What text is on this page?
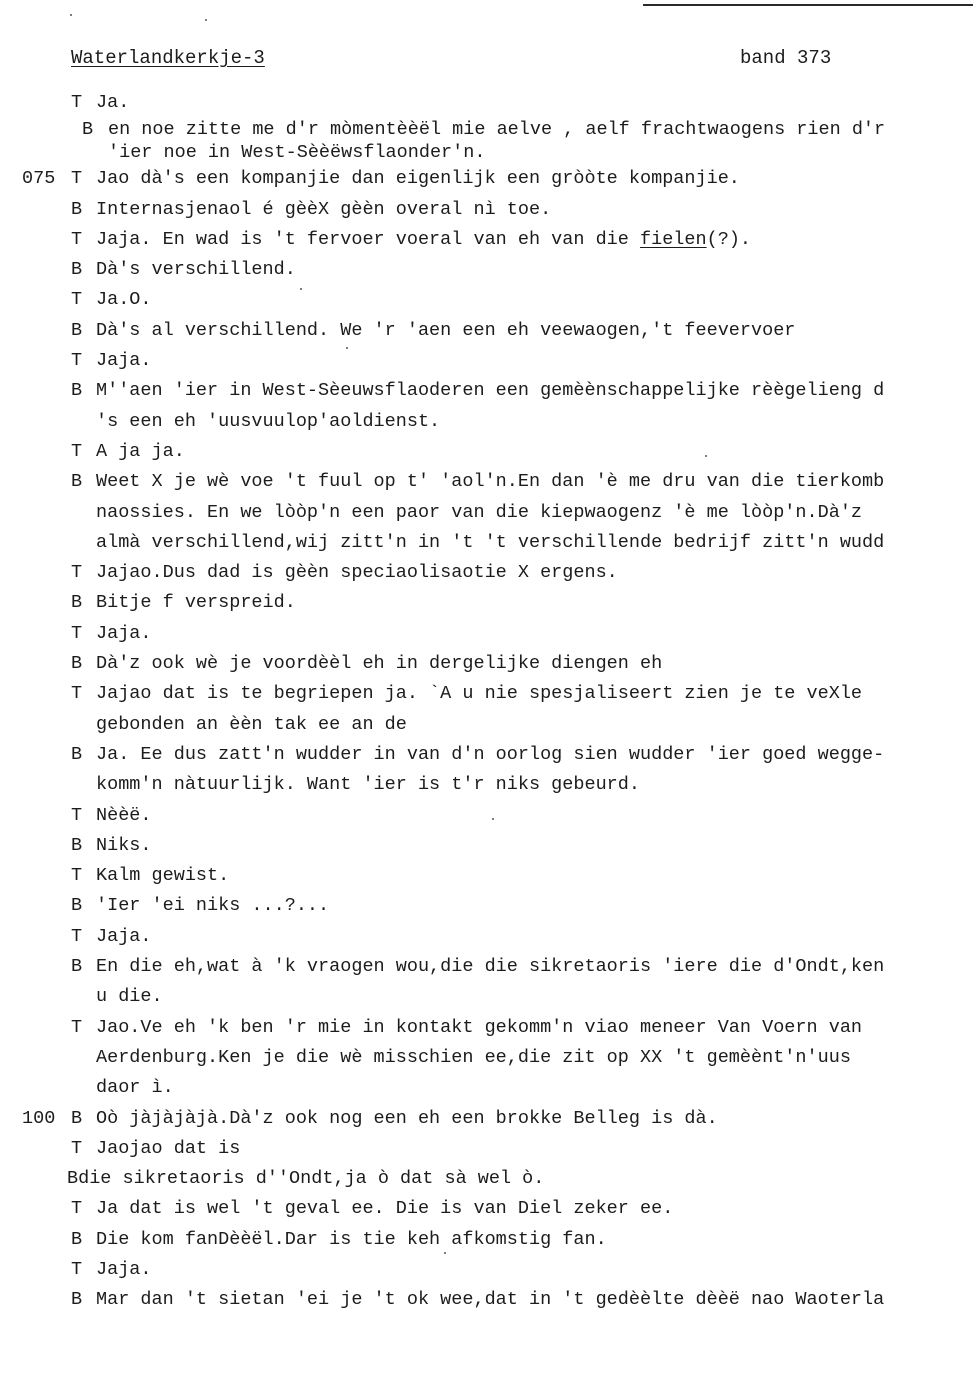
Waterlandkerkje-3	band 373
T Ja.
B en noe zitte me d'r mòmentèèël mie aelve , aelf frachtwaogens rien d'r
'ier noe in West-Sèèëwsflaonder'n.
075 T Jao dà's een kompanjie dan eigenlijk een gròòte kompanjie.
B Internasjenaol é gèèX gèèn overal nì toe.
T Jaja. En wad is 't fervoer voeral van eh van die fielen(?).
B Dà's verschillend.
T Ja.O.
B Dà's al verschillend. We 'r 'aen een eh veewaogen,'t feevervoer
T Jaja.
B M''aen 'ier in West-Sèeuwsflaoderen een gemèènschappelijke rèègelieng d
's een eh 'uusvuulop'aoldienst.
T A ja ja.
B Weet X je wè voe 't fuul op t' 'aol'n.En dan 'è me dru van die tierkomb
naossies. En we lòòp'n een paor van die kiepwaogenz 'è me lòòp'n.Dà'z
almà verschillend,wij zitt'n in 't 't verschillende bedrijf zitt'n wudd
T Jajao.Dus dad is gèèn speciaolisaotie X ergens.
B Bitje f verspreid.
T Jaja.
B Dà'z ook wè je voordèèl eh in dergelijke diengen eh
T Jajao dat is te begriepen ja. `A u nie spesjaliseert zien je te veXle
gebonden an èèn tak ee an de
B Ja. Ee dus zatt'n wudder in van d'n oorlog sien wudder 'ier goed wegge-
komm'n nàtuurlijk. Want 'ier is t'r niks gebeurd.
T Nèèë.
B Niks.
T Kalm gewist.
B 'Ier 'ei niks ...?...
T Jaja.
B En die eh,wat à 'k vraogen wou,die die sikretaoris 'iere die d'Ondt,ken
u die.
T Jao.Ve eh 'k ben 'r mie in kontakt gekomm'n viao meneer Van Voern van
Aerdenburg.Ken je die wè misschien ee,die zit op XX 't gemèènt'n'uus
daor ì.
100 B Oò jàjàjàjà.Dà'z ook nog een eh een brokke Belleg is dà.
T Jaojao dat is
Bdie sikretaoris d''Ondt,ja ò dat sà wel ò.
T Ja dat is wel 't geval ee. Die is van Diel zeker ee.
B Die kom fanDèèël.Dar is tie keh afkomstig fan.
T Jaja.
B Mar dan 't sietan 'ei je 't ok wee,dat in 't gedèèlte dèèë nao Waoterla
